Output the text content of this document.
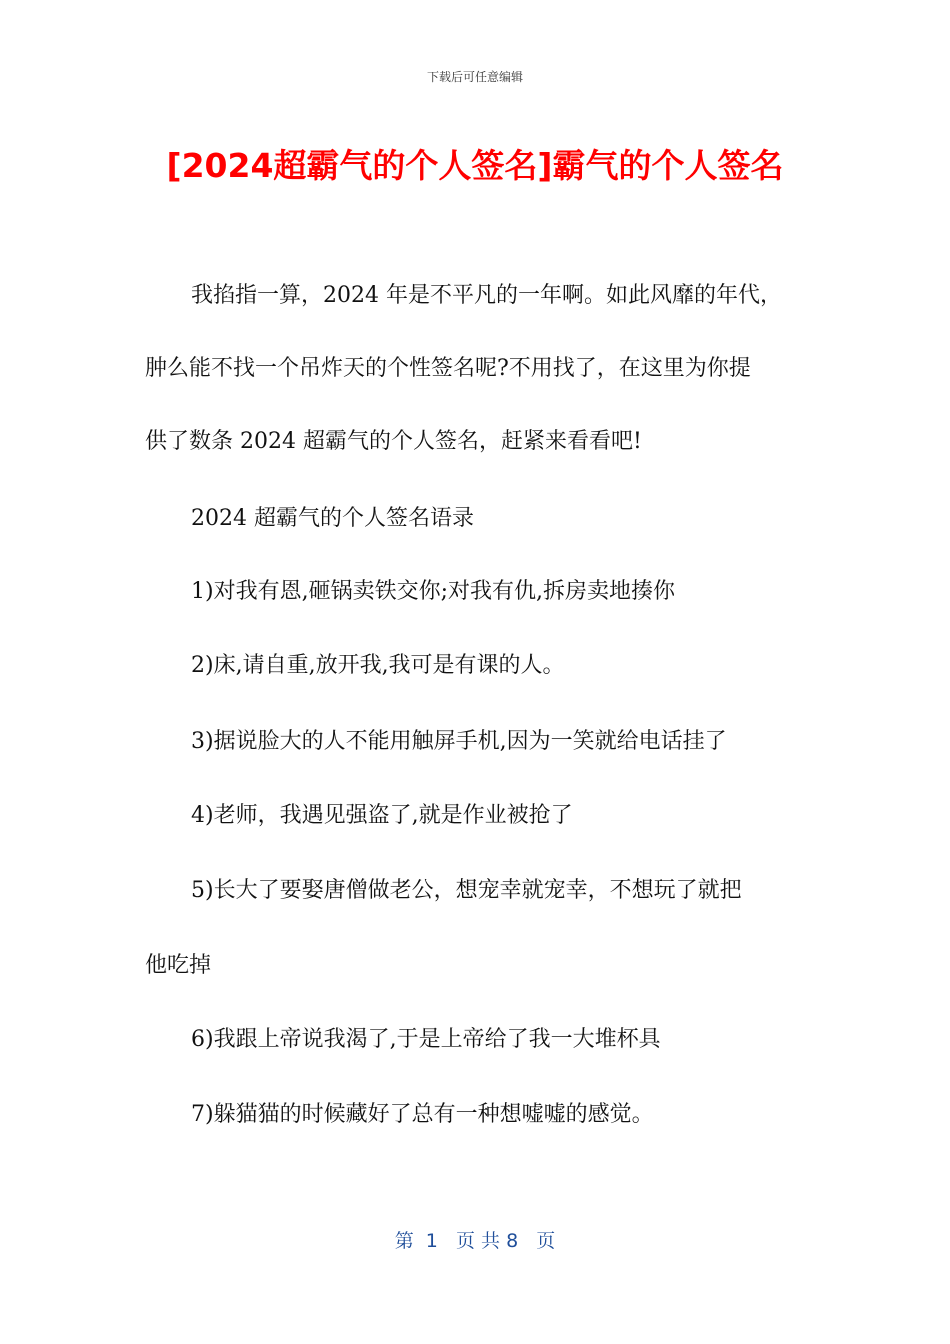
下载后可任意编辑
[2024超霸气的个人签名]霸气的个人签名
我掐指一算，2024 年是不平凡的一年啊。如此风靡的年代，
肿么能不找一个吊炸天的个性签名呢?不用找了，在这里为你提
供了数条 2024 超霸气的个人签名，赶紧来看看吧!
2024 超霸气的个人签名语录
1)对我有恩,砸锅卖铁交你;对我有仇,拆房卖地揍你
2)床,请自重,放开我,我可是有课的人。
3)据说脸大的人不能用触屏手机,因为一笑就给电话挂了
4)老师，我遇见强盗了,就是作业被抢了
5)长大了要娶唐僧做老公，想宠幸就宠幸，不想玩了就把
他吃掉
6)我跟上帝说我渴了,于是上帝给了我一大堆杯具
7)躲猫猫的时候藏好了总有一种想嘘嘘的感觉。
第  1   页 共 8   页
